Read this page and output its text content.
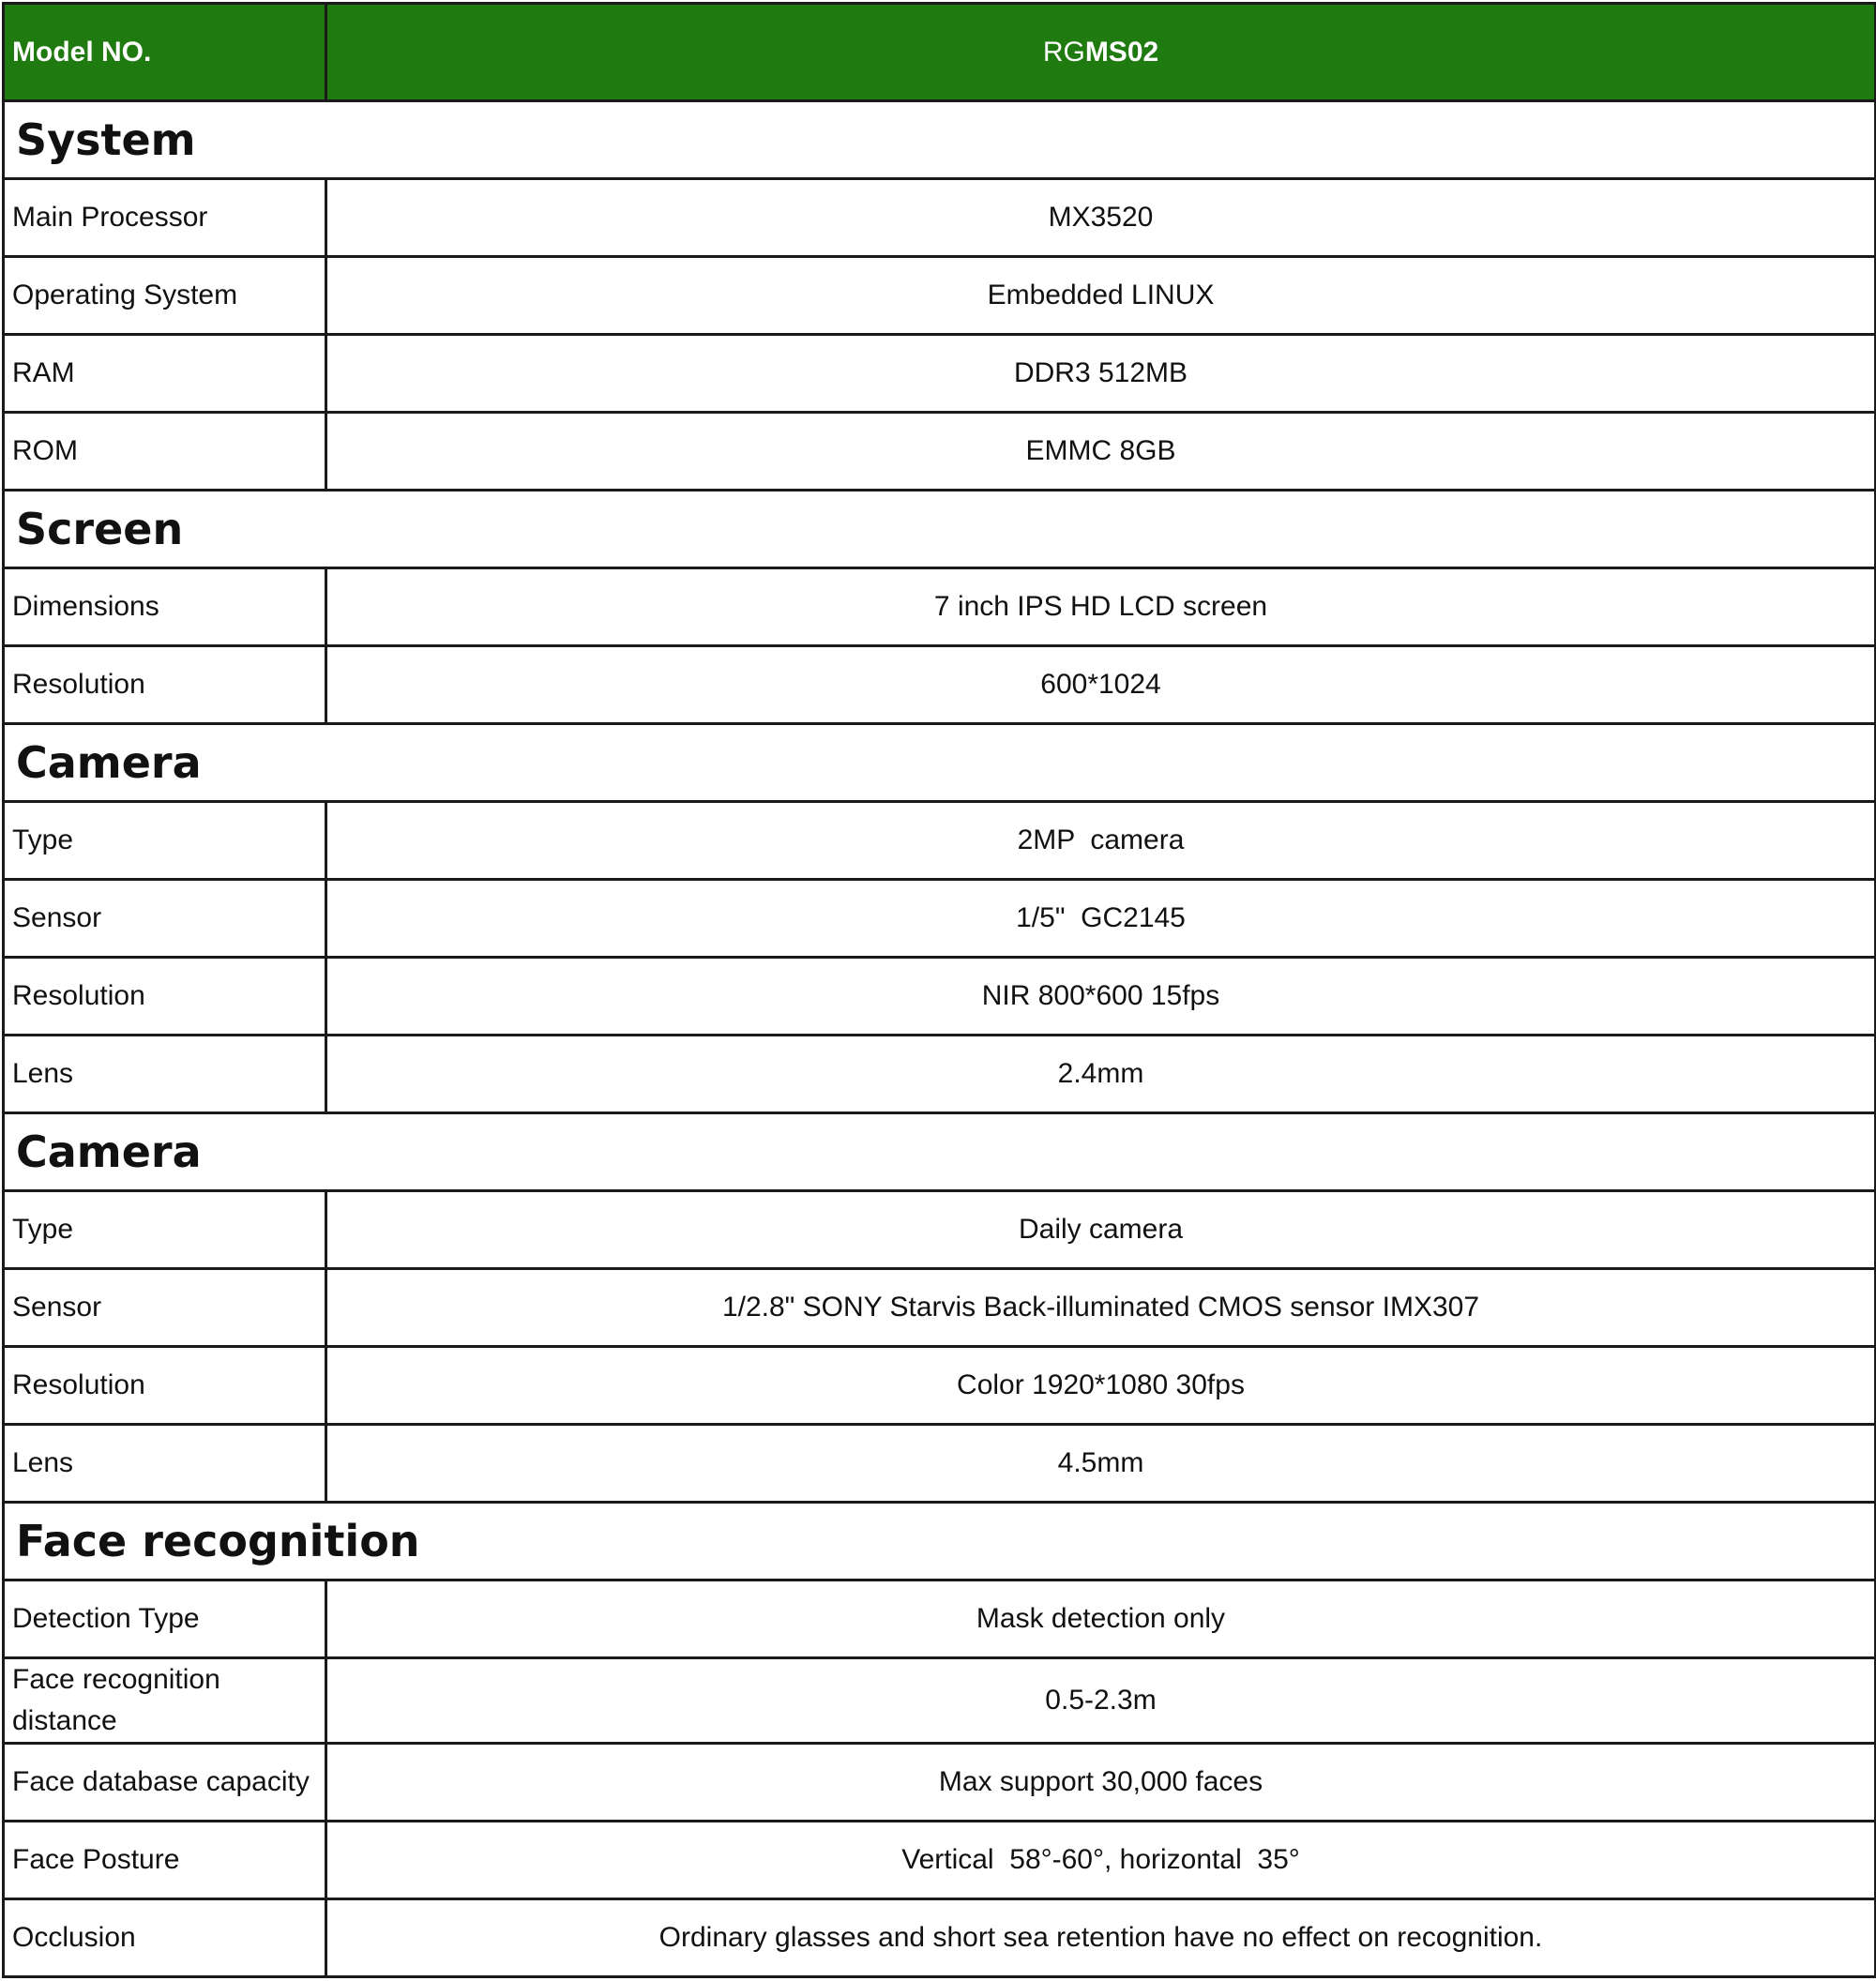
Model NO.	RGMS02
System	
Main Processor	MX3520
Operating System	Embedded LINUX
RAM	DDR3 512MB
ROM	EMMC 8GB
Screen	
Dimensions	7 inch IPS HD LCD screen
Resolution	600*1024
Camera	
Type	2MP  camera
Sensor	1/5"  GC2145
Resolution	NIR 800*600 15fps
Lens	2.4mm
Camera	
Type	Daily camera
Sensor	1/2.8" SONY Starvis Back-illuminated CMOS sensor IMX307
Resolution	Color 1920*1080 30fps
Lens	4.5mm
Face recognition	
Detection Type	Mask detection only
Face recognition distance	0.5-2.3m
Face database capacity	Max support 30,000 faces
Face Posture	Vertical  58°-60°, horizontal  35°
Occlusion	Ordinary glasses and short sea retention have no effect on recognition.
